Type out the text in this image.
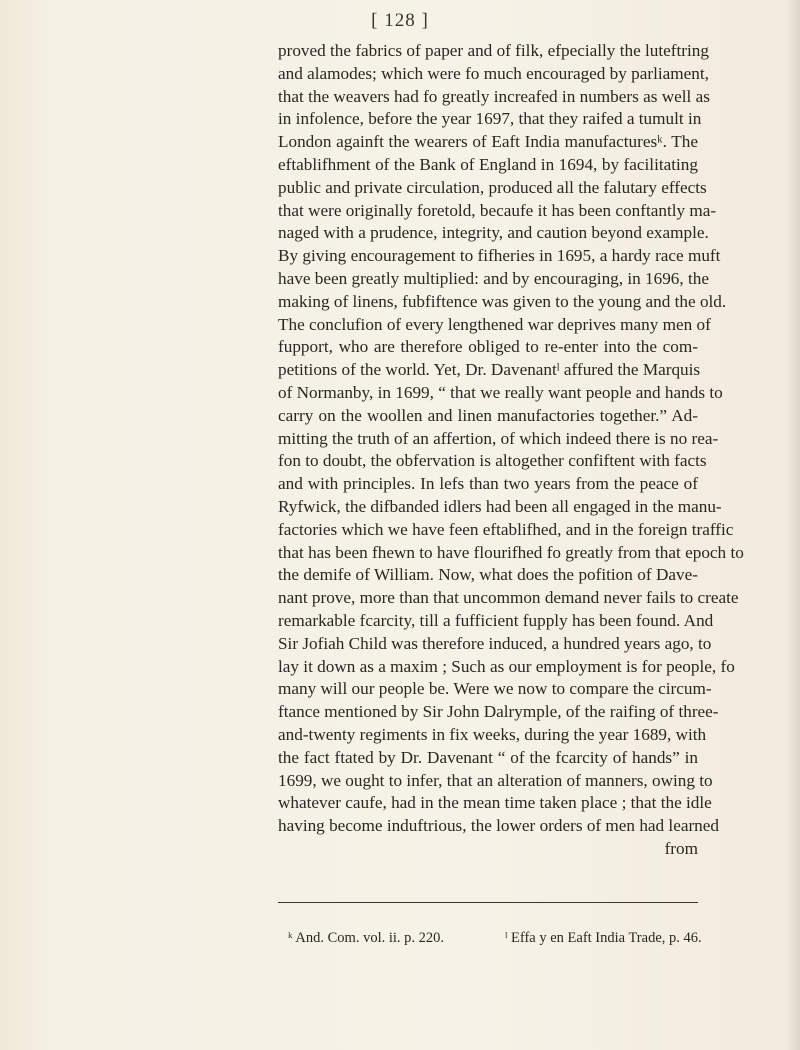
[ 128 ]
proved the fabrics of paper and of filk, efpecially the luteftring
and alamodes; which were fo much encouraged by parliament,
that the weavers had fo greatly increafed in numbers as well as
in infolence, before the year 1697, that they raifed a tumult in
London againft the wearers of Eaft India manufacturesᵏ. The
eftablifhment of the Bank of England in 1694, by facilitating
public and private circulation, produced all the falutary effects
that were originally foretold, becaufe it has been conftantly ma-
naged with a prudence, integrity, and caution beyond example.
By giving encouragement to fifheries in 1695, a hardy race muft
have been greatly multiplied: and by encouraging, in 1696, the
making of linens, fubfiftence was given to the young and the old.
The conclufion of every lengthened war deprives many men of
fupport, who are therefore obliged to re-enter into the com-
petitions of the world. Yet, Dr. Davenantˡ affured the Marquis
of Normanby, in 1699, “ that we really want people and hands to
carry on the woollen and linen manufactories together.” Ad-
mitting the truth of an affertion, of which indeed there is no rea-
fon to doubt, the obfervation is altogether confiftent with facts
and with principles. In lefs than two years from the peace of
Ryfwick, the difbanded idlers had been all engaged in the manu-
factories which we have feen eftablifhed, and in the foreign traffic
that has been fhewn to have flourifhed fo greatly from that epoch to
the demife of William. Now, what does the pofition of Dave-
nant prove, more than that uncommon demand never fails to create
remarkable fcarcity, till a fufficient fupply has been found. And
Sir Jofiah Child was therefore induced, a hundred years ago, to
lay it down as a maxim ; Such as our employment is for people, fo
many will our people be. Were we now to compare the circum-
ftance mentioned by Sir John Dalrymple, of the raifing of three-
and-twenty regiments in fix weeks, during the year 1689, with
the fact ftated by Dr. Davenant “ of the fcarcity of hands” in
1699, we ought to infer, that an alteration of manners, owing to
whatever caufe, had in the mean time taken place ; that the idle
having become induftrious, the lower orders of men had learned
from
ᵏ And. Com. vol. ii. p. 220.	ˡ Effa y en Eaft India Trade, p. 46.
